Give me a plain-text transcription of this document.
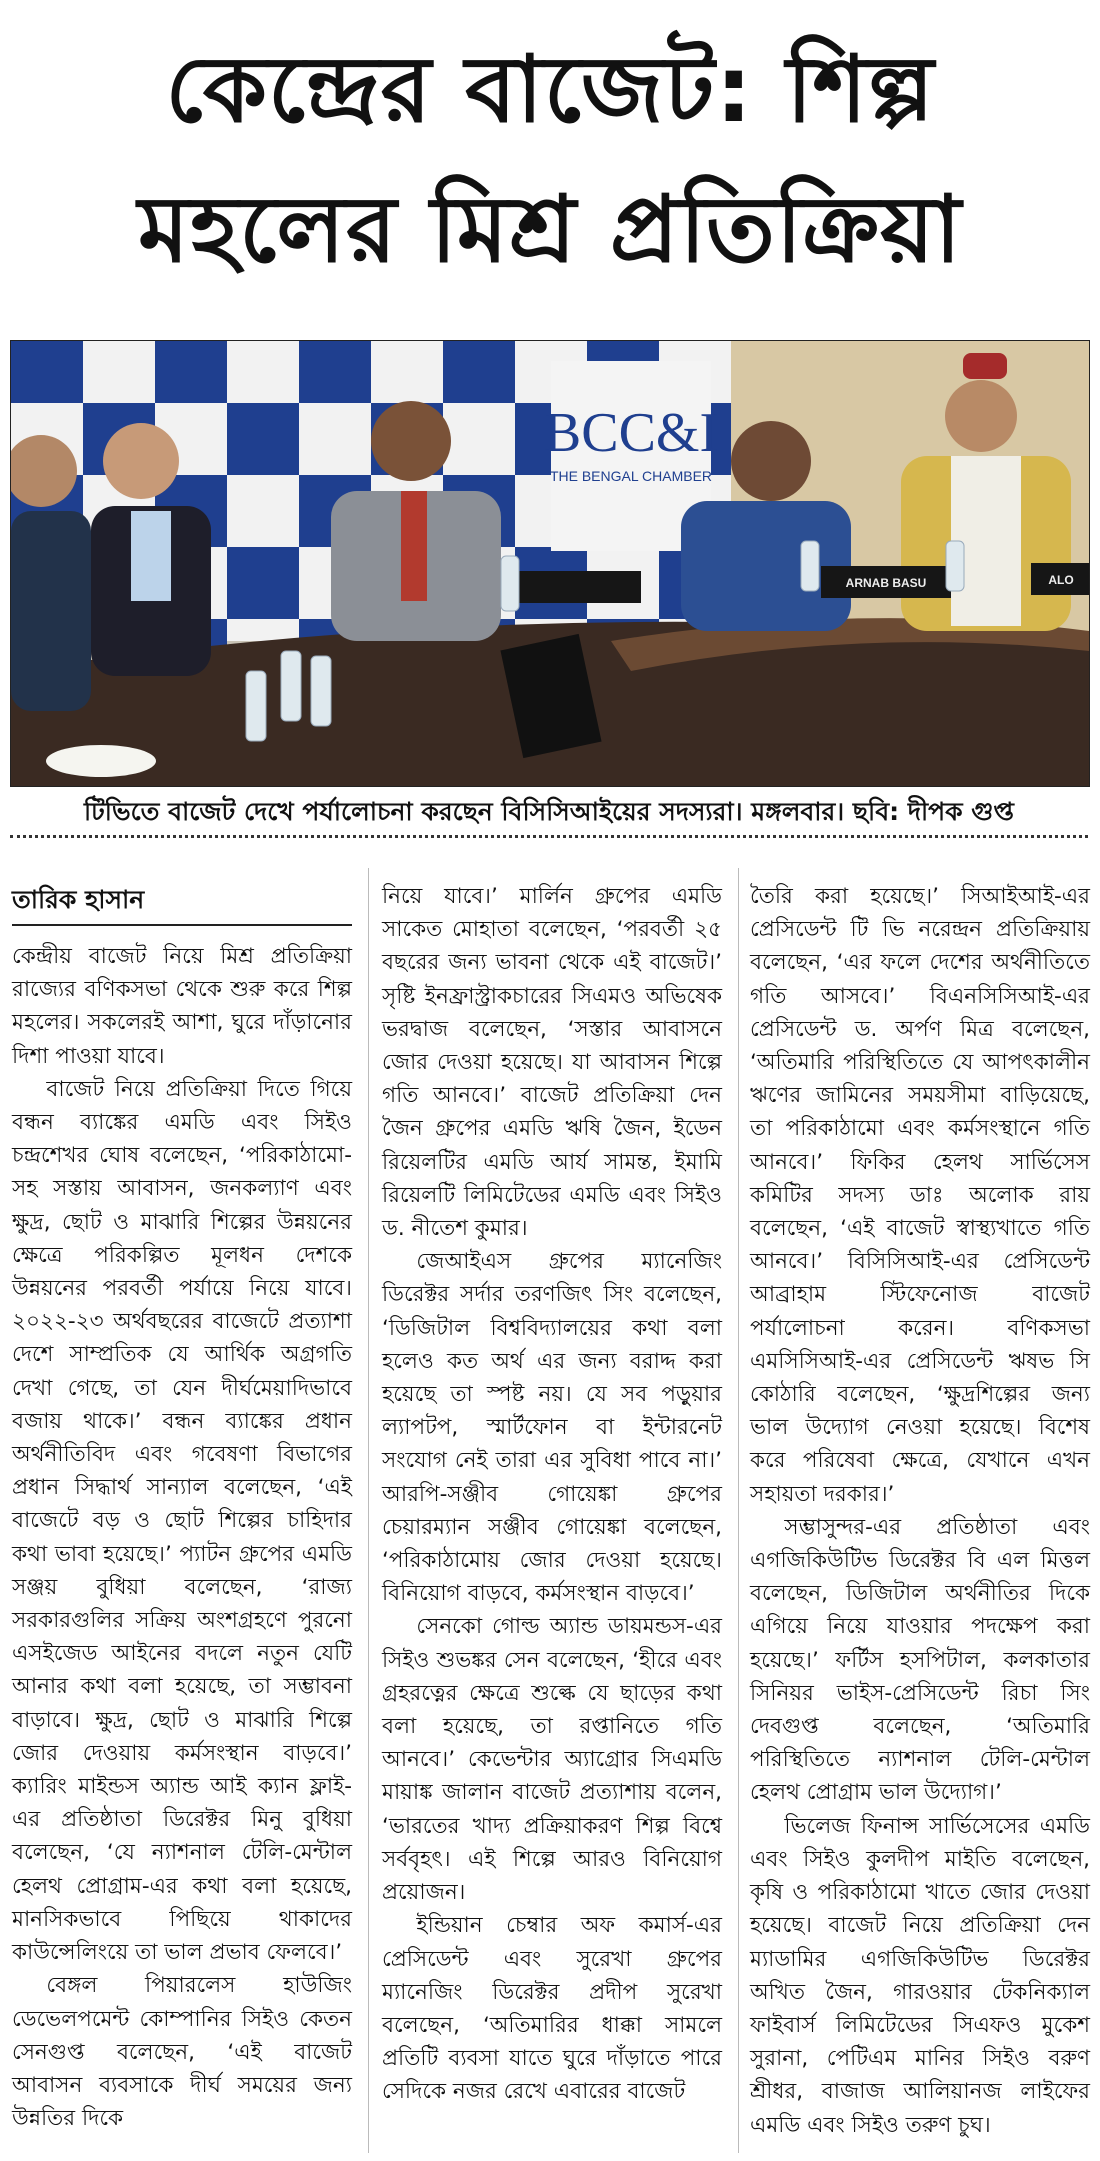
কেন্দ্রের বাজেট: শিল্প
মহলের মিশ্র প্রতিক্রিয়া
BCC&I
THE BENGAL CHAMBER
ARNAB BASU	ALO
টিভিতে বাজেট দেখে পর্যালোচনা করছেন বিসিসিআইয়ের সদস্যরা। মঙ্গলবার। ছবি: দীপক গুপ্ত
তারিক হাসান

কেন্দ্রীয় বাজেট নিয়ে মিশ্র প্রতিক্রিয়া রাজ্যের বণিকসভা থেকে শুরু করে শিল্প মহলের। সকলেরই আশা, ঘুরে দাঁড়ানোর দিশা পাওয়া যাবে।

বাজেট নিয়ে প্রতিক্রিয়া দিতে গিয়ে বন্ধন ব্যাঙ্কের এমডি এবং সিইও চন্দ্রশেখর ঘোষ বলেছেন, ‘পরিকাঠামো-সহ সস্তায় আবাসন, জনকল্যাণ এবং ক্ষুদ্র, ছোট ও মাঝারি শিল্পের উন্নয়নের ক্ষেত্রে পরিকল্পিত মূলধন দেশকে উন্নয়নের পরবর্তী পর্যায়ে নিয়ে যাবে। ২০২২-২৩ অর্থবছরের বাজেটে প্রত্যাশা দেশে সাম্প্রতিক যে আর্থিক অগ্রগতি দেখা গেছে, তা যেন দীর্ঘমেয়াদিভাবে বজায় থাকে।’ বন্ধন ব্যাঙ্কের প্রধান অর্থনীতিবিদ এবং গবেষণা বিভাগের প্রধান সিদ্ধার্থ সান্যাল বলেছেন, ‘এই বাজেটে বড় ও ছোট শিল্পের চাহিদার কথা ভাবা হয়েছে।’ প্যাটন গ্রুপের এমডি সঞ্জয় বুধিয়া বলেছেন, ‘রাজ্য সরকারগুলির সক্রিয় অংশগ্রহণে পুরনো এসইজেড আইনের বদলে নতুন যেটি আনার কথা বলা হয়েছে, তা সম্ভাবনা বাড়াবে। ক্ষুদ্র, ছোট ও মাঝারি শিল্পে জোর দেওয়ায় কর্মসংস্থান বাড়বে।’ ক্যারিং মাইন্ডস অ্যান্ড আই ক্যান ফ্লাই-এর প্রতিষ্ঠাতা ডিরেক্টর মিনু বুধিয়া বলেছেন, ‘যে ন্যাশনাল টেলি-মেন্টাল হেলথ প্রোগ্রাম-এর কথা বলা হয়েছে, মানসিকভাবে পিছিয়ে থাকাদের কাউন্সেলিংয়ে তা ভাল প্রভাব ফেলবে।’

বেঙ্গল পিয়ারলেস হাউজিং ডেভেলপমেন্ট কোম্পানির সিইও কেতন সেনগুপ্ত বলেছেন, ‘এই বাজেট আবাসন ব্যবসাকে দীর্ঘ সময়ের জন্য উন্নতির দিকে

নিয়ে যাবে।’ মার্লিন গ্রুপের এমডি সাকেত মোহাতা বলেছেন, ‘পরবর্তী ২৫ বছরের জন্য ভাবনা থেকে এই বাজেট।’ সৃষ্টি ইনফ্রাস্ট্রাকচারের সিএমও অভিষেক ভরদ্বাজ বলেছেন, ‘সস্তার আবাসনে জোর দেওয়া হয়েছে। যা আবাসন শিল্পে গতি আনবে।’ বাজেট প্রতিক্রিয়া দেন জৈন গ্রুপের এমডি ঋষি জৈন, ইডেন রিয়েলটির এমডি আর্য সামন্ত, ইমামি রিয়েলটি লিমিটেডের এমডি এবং সিইও ড. নীতেশ কুমার।

জেআইএস গ্রুপের ম্যানেজিং ডিরেক্টর সর্দার তরণজিৎ সিং বলেছেন, ‘ডিজিটাল বিশ্ববিদ্যালয়ের কথা বলা হলেও কত অর্থ এর জন্য বরাদ্দ করা হয়েছে তা স্পষ্ট নয়। যে সব পড়ুয়ার ল্যাপটপ, স্মার্টফোন বা ইন্টারনেট সংযোগ নেই তারা এর সুবিধা পাবে না।’ আরপি-সঞ্জীব গোয়েঙ্কা গ্রুপের চেয়ারম্যান সঞ্জীব গোয়েঙ্কা বলেছেন, ‘পরিকাঠামোয় জোর দেওয়া হয়েছে। বিনিয়োগ বাড়বে, কর্মসংস্থান বাড়বে।’

সেনকো গোল্ড অ্যান্ড ডায়মন্ডস-এর সিইও শুভঙ্কর সেন বলেছেন, ‘হীরে এবং গ্রহরত্নের ক্ষেত্রে শুল্কে যে ছাড়ের কথা বলা হয়েছে, তা রপ্তানিতে গতি আনবে।’ কেভেন্টার অ্যাগ্রোর সিএমডি মায়াঙ্ক জালান বাজেট প্রত্যাশায় বলেন, ‘ভারতের খাদ্য প্রক্রিয়াকরণ শিল্প বিশ্বে সর্ববৃহৎ। এই শিল্পে আরও বিনিয়োগ প্রয়োজন।

ইন্ডিয়ান চেম্বার অফ কমার্স-এর প্রেসিডেন্ট এবং সুরেখা গ্রুপের ম্যানেজিং ডিরেক্টর প্রদীপ সুরেখা বলেছেন, ‘অতিমারির ধাক্কা সামলে প্রতিটি ব্যবসা যাতে ঘুরে দাঁড়াতে পারে সেদিকে নজর রেখে এবারের বাজেট

তৈরি করা হয়েছে।’ সিআইআই-এর প্রেসিডেন্ট টি ভি নরেন্দ্রন প্রতিক্রিয়ায় বলেছেন, ‘এর ফলে দেশের অর্থনীতিতে গতি আসবে।’ বিএনসিসিআই-এর প্রেসিডেন্ট ড. অর্পণ মিত্র বলেছেন, ‘অতিমারি পরিস্থিতিতে যে আপৎকালীন ঋণের জামিনের সময়সীমা বাড়িয়েছে, তা পরিকাঠামো এবং কর্মসংস্থানে গতি আনবে।’ ফিকির হেলথ সার্ভিসেস কমিটির সদস্য ডাঃ অলোক রায় বলেছেন, ‘এই বাজেট স্বাস্থ্যখাতে গতি আনবে।’ বিসিসিআই-এর প্রেসিডেন্ট আব্রাহাম স্টিফেনোজ বাজেট পর্যালোচনা করেন। বণিকসভা এমসিসিআই-এর প্রেসিডেন্ট ঋষভ সি কোঠারি বলেছেন, ‘ক্ষুদ্রশিল্পের জন্য ভাল উদ্যোগ নেওয়া হয়েছে। বিশেষ করে পরিষেবা ক্ষেত্রে, যেখানে এখন সহায়তা দরকার।’

সম্ভাসুন্দর-এর প্রতিষ্ঠাতা এবং এগজিকিউটিভ ডিরেক্টর বি এল মিত্তল বলেছেন, ডিজিটাল অর্থনীতির দিকে এগিয়ে নিয়ে যাওয়ার পদক্ষেপ করা হয়েছে।’ ফর্টিস হসপিটাল, কলকাতার সিনিয়র ভাইস-প্রেসিডেন্ট রিচা সিং দেবগুপ্ত বলেছেন, ‘অতিমারি পরিস্থিতিতে ন্যাশনাল টেলি-মেন্টাল হেলথ প্রোগ্রাম ভাল উদ্যোগ।’

ভিলেজ ফিনান্স সার্ভিসেসের এমডি এবং সিইও কুলদীপ মাইতি বলেছেন, কৃষি ও পরিকাঠামো খাতে জোর দেওয়া হয়েছে। বাজেট নিয়ে প্রতিক্রিয়া দেন ম্যাডামির এগজিকিউটিভ ডিরেক্টর অখিত জৈন, গারওয়ার টেকনিক্যাল ফাইবার্স লিমিটেডের সিএফও মুকেশ সুরানা, পেটিএম মানির সিইও বরুণ শ্রীধর, বাজাজ আলিয়ানজ লাইফের এমডি এবং সিইও তরুণ চুঘ।
